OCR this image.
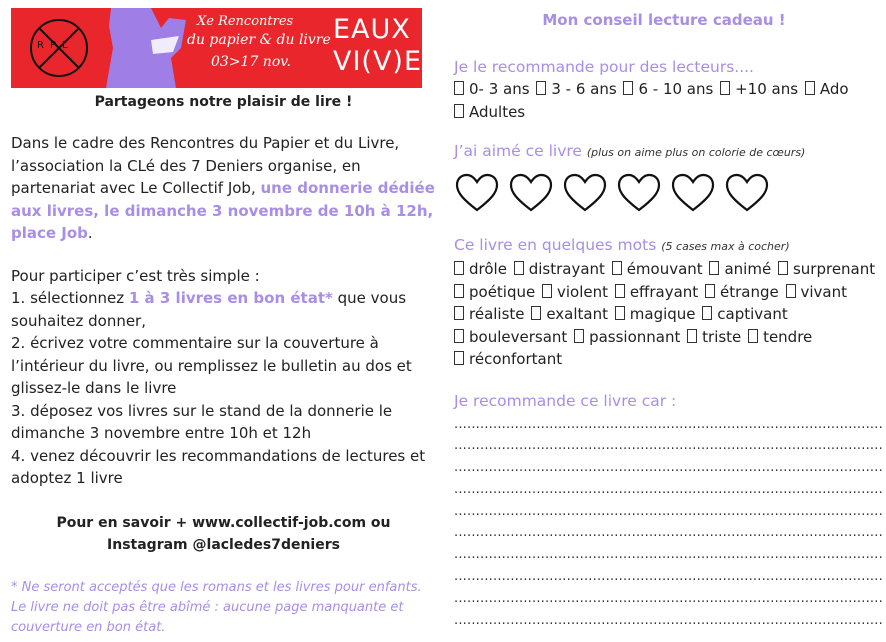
RPL
Xe Rencontres
du papier & du livre
03>17 nov.
EAUX
VI(V)ES
Partageons notre plaisir de lire !

Dans le cadre des Rencontres du Papier et du Livre, l’association la CLé des 7 Deniers organise, en partenariat avec Le Collectif Job, une donnerie dédiée aux livres, le dimanche 3 novembre de 10h à 12h, place Job.

Pour participer c’est très simple :
1. sélectionnez 1 à 3 livres en bon état* que vous souhaitez donner,
2. écrivez votre commentaire sur la couverture à l’intérieur du livre, ou remplissez le bulletin au dos et glissez-le dans le livre
3. déposez vos livres sur le stand de la donnerie le dimanche 3 novembre entre 10h et 12h
4. venez découvrir les recommandations de lectures et adoptez 1 livre
Pour en savoir + www.collectif-job.com ou
Instagram @lacledes7deniers
* Ne seront acceptés que les romans et les livres pour enfants. Le livre ne doit pas être abîmé : aucune page manquante et couverture en bon état.
Mon conseil lecture cadeau !
Je le recommande pour des lecteurs....
0- 3 ans 3 - 6 ans 6 - 10 ans +10 ans Ado Adultes
J’ai aimé ce livre (plus on aime plus on colorie de cœurs)
Ce livre en quelques mots (5 cases max à cocher)
drôle distrayant émouvant animé surprenant poétique violent effrayant étrange vivant réaliste exaltant magique captivant bouleversant passionnant triste tendre réconfortant
Je recommande ce livre car :
...................................................................................................
...................................................................................................
...................................................................................................
...................................................................................................
...................................................................................................
...................................................................................................
...................................................................................................
...................................................................................................
...................................................................................................
...................................................................................................
